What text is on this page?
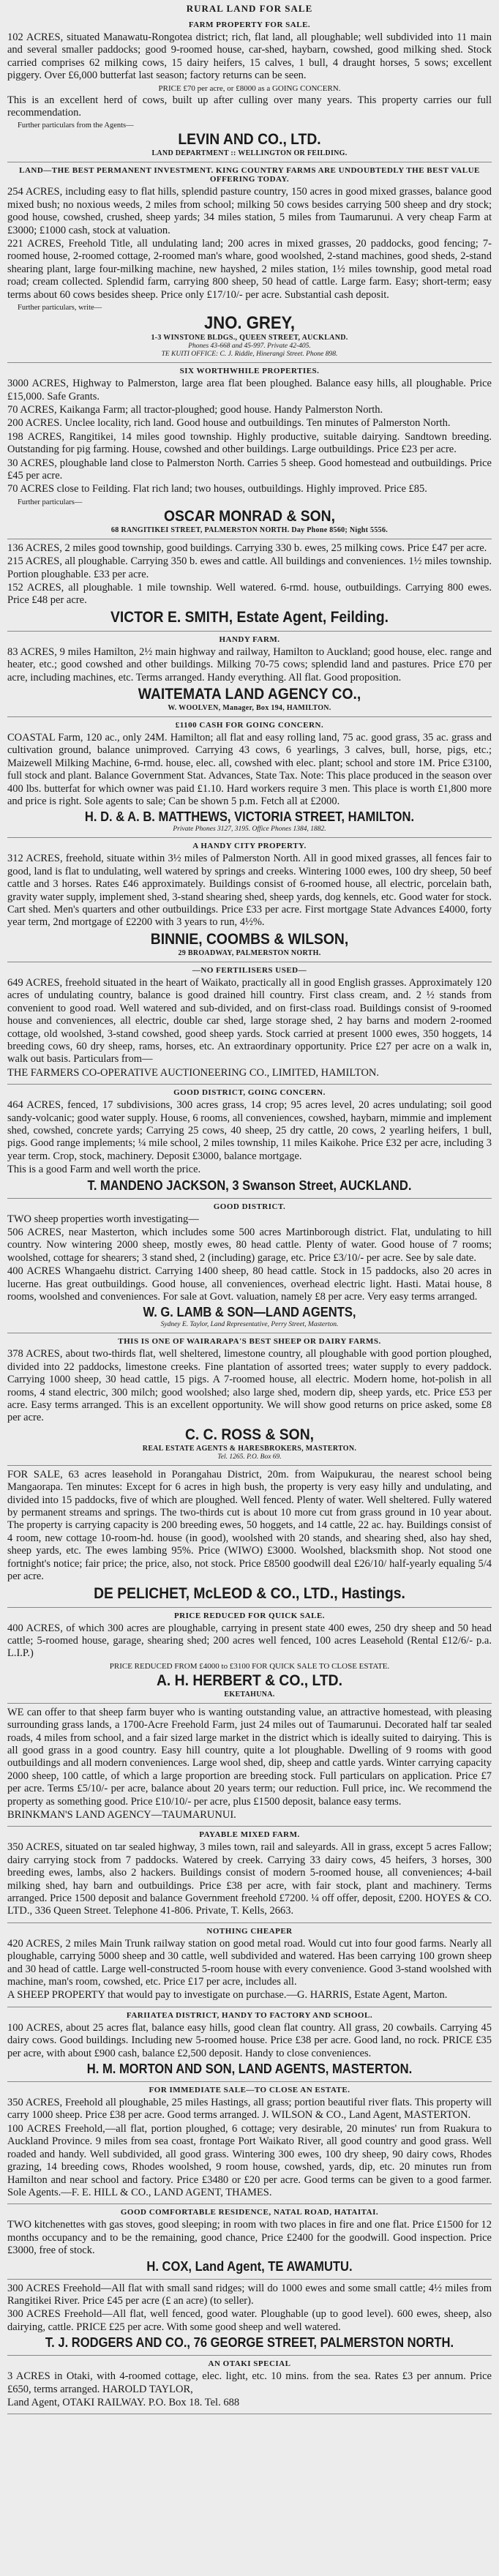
RURAL LAND FOR SALE
FARM PROPERTY FOR SALE.
102 ACRES, situated Manawatu-Rongotea district; rich, flat land, all ploughable; well subdivided into 11 main and several smaller paddocks; good 9-roomed house, car-shed, haybarn, cowshed, good milking shed. Stock carried comprises 62 milking cows, 15 dairy heifers, 15 calves, 1 bull, 4 draught horses, 5 sows; excellent piggery. Over £6,000 butterfat last season; factory returns can be seen.
PRICE £70 per acre, or £8000 as a GOING CONCERN.
This is an excellent herd of cows, built up after culling over many years. This property carries our full recommendation.
Further particulars from the Agents—
LEVIN AND CO., LTD.
LAND DEPARTMENT :: WELLINGTON OR FEILDING.
LAND—THE BEST PERMANENT INVESTMENT. KING COUNTRY FARMS ARE UNDOUBTEDLY THE BEST VALUE OFFERING TODAY.
254 ACRES, including easy to flat hills, splendid pasture country, 150 acres in good mixed grasses, balance good mixed bush; no noxious weeds, 2 miles from school; milking 50 cows besides carrying 500 sheep and dry stock; good house, cowshed, crushed, sheep yards; 34 miles station, 5 miles from Taumarunui. A very cheap Farm at £3000; £1000 cash, stock at valuation.
221 ACRES, Freehold Title, all undulating land; 200 acres in mixed grasses, 20 paddocks, good fencing; 7-roomed house, 2-roomed cottage, 2-roomed man's whare, good woolshed, 2-stand machines, good sheds, 2-stand shearing plant, large four-milking machine, new hayshed, 2 miles station, 1½ miles township, good metal road road; cream collected. Splendid farm, carrying 800 sheep, 50 head of cattle. Large farm. Easy; short-term; easy terms about 60 cows besides sheep. Price only £17/10/- per acre. Substantial cash deposit.
Further particulars, write—
JNO. GREY,
1-3 WINSTONE BLDGS., QUEEN STREET, AUCKLAND.
Phones 43-668 and 45-997. Private 42-405.
TE KUITI OFFICE: C. J. Riddle, Hinerangi Street. Phone 898.
SIX WORTHWHILE PROPERTIES.
3000 ACRES, Highway to Palmerston, large area flat been ploughed. Balance easy hills, all ploughable. Price £15,000. Safe Grants.
70 ACRES, Kaikanga Farm; all tractor-ploughed; good house. Handy Palmerston North.
200 ACRES. Unclee locality, rich land. Good house and outbuildings. Ten minutes of Palmerston North.
198 ACRES, Rangitikei, 14 miles good township. Highly productive, suitable dairying. Sandtown breeding. Outstanding for pig farming. House, cowshed and other buildings. Large outbuildings. Price £23 per acre.
30 ACRES, ploughable land close to Palmerston North. Carries 5 sheep. Good homestead and outbuildings. Price £45 per acre.
70 ACRES close to Feilding. Flat rich land; two houses, outbuildings. Highly improved. Price £85.
Further particulars—
OSCAR MONRAD & SON,
68 RANGITIKEI STREET, PALMERSTON NORTH. Day Phone 8560; Night 5556.
136 ACRES, 2 miles good township, good buildings. Carrying 330 b. ewes, 25 milking cows. Price £47 per acre.
215 ACRES, all ploughable. Carrying 350 b. ewes and cattle. All buildings and conveniences. 1½ miles township. Portion ploughable. £33 per acre.
152 ACRES, all ploughable. 1 mile township. Well watered. 6-rmd. house, outbuildings. Carrying 800 ewes. Price £48 per acre.
VICTOR E. SMITH, Estate Agent, Feilding.
HANDY FARM.
83 ACRES, 9 miles Hamilton, 2½ main highway and railway, Hamilton to Auckland; good house, elec. range and heater, etc.; good cowshed and other buildings. Milking 70-75 cows; splendid land and pastures. Price £70 per acre, including machines, etc. Terms arranged. Handy everything. All flat. Good proposition.
WAITEMATA LAND AGENCY CO.,
W. WOOLVEN, Manager, Box 194, HAMILTON.
£1100 CASH FOR GOING CONCERN.
COASTAL Farm, 120 ac., only 24M. Hamilton; all flat and easy rolling land, 75 ac. good grass, 35 ac. grass and cultivation ground, balance unimproved. Carrying 43 cows, 6 yearlings, 3 calves, bull, horse, pigs, etc.; Maizewell Milking Machine, 6-rmd. house, elec. all, cowshed with elec. plant; school and store 1M. Price £3100, full stock and plant. Balance Government Stat. Advances, State Tax. Note: This place produced in the season over 400 lbs. butterfat for which owner was paid £1.10. Hard workers require 3 men. This place is worth £1,800 more and price is right. Sole agents to sale; Can be shown 5 p.m. Fetch all at £2000.
H. D. & A. B. MATTHEWS, VICTORIA STREET, HAMILTON.
Private Phones 3127, 3195. Office Phones 1384, 1882.
A HANDY CITY PROPERTY.
312 ACRES, freehold, situate within 3½ miles of Palmerston North. All in good mixed grasses, all fences fair to good, land is flat to undulating, well watered by springs and creeks. Wintering 1000 ewes, 100 dry sheep, 50 beef cattle and 3 horses. Rates £46 approximately. Buildings consist of 6-roomed house, all electric, porcelain bath, gravity water supply, implement shed, 3-stand shearing shed, sheep yards, dog kennels, etc. Good water for stock. Cart shed. Men's quarters and other outbuildings. Price £33 per acre. First mortgage State Advances £4000, forty year term, 2nd mortgage of £2200 with 3 years to run, 4½%.
BINNIE, COOMBS & WILSON,
29 BROADWAY, PALMERSTON NORTH.
—NO FERTILISERS USED—
649 ACRES, freehold situated in the heart of Waikato, practically all in good English grasses. Approximately 120 acres of undulating country, balance is good drained hill country. First class cream, and. 2 ½ stands from convenient to good road. Well watered and sub-divided, and on first-class road. Buildings consist of 9-roomed house and conveniences, all electric, double car shed, large storage shed, 2 hay barns and modern 2-roomed cottage, old woolshed, 3-stand cowshed, good sheep yards. Stock carried at present 1000 ewes, 350 hoggets, 14 breeding cows, 60 dry sheep, rams, horses, etc. An extraordinary opportunity. Price £27 per acre on a walk in, walk out basis. Particulars from—
THE FARMERS CO-OPERATIVE AUCTIONEERING CO., LIMITED, HAMILTON.
GOOD DISTRICT, GOING CONCERN.
464 ACRES, fenced, 17 subdivisions, 300 acres grass, 14 crop; 95 acres level, 20 acres undulating; soil good sandy-volcanic; good water supply. House, 6 rooms, all conveniences, cowshed, haybarn, mimmie and implement shed, cowshed, concrete yards; Carrying 25 cows, 40 sheep, 25 dry cattle, 20 cows, 2 yearling heifers, 1 bull, pigs. Good range implements; ¼ mile school, 2 miles township, 11 miles Kaikohe. Price £32 per acre, including 3 year term. Crop, stock, machinery. Deposit £3000, balance mortgage.
This is a good Farm and well worth the price.
T. MANDENO JACKSON, 3 Swanson Street, AUCKLAND.
GOOD DISTRICT.
TWO sheep properties worth investigating—
506 ACRES, near Masterton, which includes some 500 acres Martinborough district. Flat, undulating to hill country. Now wintering 2000 sheep, mostly ewes, 80 head cattle. Plenty of water. Good house of 7 rooms; woolshed, cottage for shearers; 3 stand shed, 2 (including) garage, etc. Price £3/10/- per acre. See by sale date.
400 ACRES Whangaehu district. Carrying 1400 sheep, 80 head cattle. Stock in 15 paddocks, also 20 acres in lucerne. Has great outbuildings. Good house, all conveniences, overhead electric light. Hasti. Matai house, 8 rooms, woolshed and conveniences. For sale at Govt. valuation, namely £8 per acre. Very easy terms arranged.
W. G. LAMB & SON—LAND AGENTS,
Sydney E. Taylor, Land Representative, Perry Street, Masterton.
THIS IS ONE OF WAIRARAPA'S BEST SHEEP OR DAIRY FARMS.
378 ACRES, about two-thirds flat, well sheltered, limestone country, all ploughable with good portion ploughed, divided into 22 paddocks, limestone creeks. Fine plantation of assorted trees; water supply to every paddock. Carrying 1000 sheep, 30 head cattle, 15 pigs. A 7-roomed house, all electric. Modern home, hot-polish in all rooms, 4 stand electric, 300 milch; good woolshed; also large shed, modern dip, sheep yards, etc. Price £53 per acre. Easy terms arranged. This is an excellent opportunity. We will show good returns on price asked, some £8 per acre.
C. C. ROSS & SON,
REAL ESTATE AGENTS & HARESBROKERS, MASTERTON.
Tel. 1265. P.O. Box 69.
FOR SALE, 63 acres leasehold in Porangahau District, 20m. from Waipukurau, the nearest school being Mangaorapa. Ten minutes: Except for 6 acres in high bush, the property is very easy hilly and undulating, and divided into 15 paddocks, five of which are ploughed. Well fenced. Plenty of water. Well sheltered. Fully watered by permanent streams and springs. The two-thirds cut is about 10 more cut from grass ground in 10 year about. The property is carrying capacity is 200 breeding ewes, 50 hoggets, and 14 cattle, 22 ac. hay. Buildings consist of 4 room, new cottage 10-room-hd. house (in good), woolshed with 20 stands, and shearing shed, also hay shed, sheep yards, etc. The ewes lambing 95%. Price (WIWO) £3000. Woolshed, blacksmith shop. Not stood one fortnight's notice; fair price; the price, also, not stock. Price £8500 goodwill deal £26/10/ half-yearly equaling 5/4 per acre.
DE PELICHET, McLEOD & CO., LTD., Hastings.
PRICE REDUCED FOR QUICK SALE.
400 ACRES, of which 300 acres are ploughable, carrying in present state 400 ewes, 250 dry sheep and 50 head cattle; 5-roomed house, garage, shearing shed; 200 acres well fenced, 100 acres Leasehold (Rental £12/6/- p.a. L.I.P.)
PRICE REDUCED FROM £4000 to £3100 FOR QUICK SALE TO CLOSE ESTATE.
A. H. HERBERT & CO., LTD.
EKETAHUNA.
WE can offer to that sheep farm buyer who is wanting outstanding value, an attractive homestead, with pleasing surrounding grass lands, a 1700-Acre Freehold Farm, just 24 miles out of Taumarunui. Decorated half tar sealed roads, 4 miles from school, and a fair sized large market in the district which is ideally suited to dairying. This is all good grass in a good country. Easy hill country, quite a lot ploughable. Dwelling of 9 rooms with good outbuildings and all modern conveniences. Large wool shed, dip, sheep and cattle yards. Winter carrying capacity 2000 sheep, 100 cattle, of which a large proportion are breeding stock. Full particulars on application. Price £7 per acre. Terms £5/10/- per acre, balance about 20 years term; our reduction. Full price, inc. We recommend the property as something good. Price £10/10/- per acre, plus £1500 deposit, balance easy terms.
BRINKMAN'S LAND AGENCY—TAUMARUNUI.
PAYABLE MIXED FARM.
350 ACRES, situated on tar sealed highway, 3 miles town, rail and saleyards. All in grass, except 5 acres Fallow; dairy carrying stock from 7 paddocks. Watered by creek. Carrying 33 dairy cows, 45 heifers, 3 horses, 300 breeding ewes, lambs, also 2 hackers. Buildings consist of modern 5-roomed house, all conveniences; 4-bail milking shed, hay barn and outbuildings. Price £38 per acre, with fair stock, plant and machinery. Terms arranged. Price 1500 deposit and balance Government freehold £7200. ¼ off offer, deposit, £200. HOYES & CO. LTD., 336 Queen Street. Telephone 41-806. Private, T. Kells, 2663.
NOTHING CHEAPER
420 ACRES, 2 miles Main Trunk railway station on good metal road. Would cut into four good farms. Nearly all ploughable, carrying 5000 sheep and 30 cattle, well subdivided and watered. Has been carrying 100 grown sheep and 30 head of cattle. Large well-constructed 5-room house with every convenience. Good 3-stand woolshed with machine, man's room, cowshed, etc. Price £17 per acre, includes all.
A SHEEP PROPERTY that would pay to investigate on purchase.—G. HARRIS, Estate Agent, Marton.
FARIIATEA DISTRICT, HANDY TO FACTORY AND SCHOOL.
100 ACRES, about 25 acres flat, balance easy hills, good clean flat country. All grass, 20 cowbails. Carrying 45 dairy cows. Good buildings. Including new 5-roomed house. Price £38 per acre. Good land, no rock. PRICE £35 per acre, with about £900 cash, balance £2,500 deposit. Handy to close conveniences.
H. M. MORTON AND SON, LAND AGENTS, MASTERTON.
FOR IMMEDIATE SALE—TO CLOSE AN ESTATE.
350 ACRES, Freehold all ploughable, 25 miles Hastings, all grass; portion beautiful river flats. This property will carry 1000 sheep. Price £38 per acre. Good terms arranged. J. WILSON & CO., Land Agent, MASTERTON.
100 ACRES Freehold,—all flat, portion ploughed, 6 cottage; very desirable, 20 minutes' run from Ruakura to Auckland Province. 9 miles from sea coast, frontage Port Waikato River, all good country and good grass. Well roaded and handy. Well subdivided, all good grass. Wintering 300 ewes, 100 dry sheep, 90 dairy cows, Rhodes grazing, 14 breeding cows, Rhodes woolshed, 9 room house, cowshed, yards, dip, etc. 20 minutes run from Hamilton and near school and factory. Price £3480 or £20 per acre. Good terms can be given to a good farmer. Sole Agents.—F. E. HILL & CO., LAND AGENT, THAMES.
GOOD COMFORTABLE RESIDENCE, NATAL ROAD, HATAITAI.
TWO kitchenettes with gas stoves, good sleeping; in room with two places in fire and one flat. Price £1500 for 12 months occupancy and to be the remaining, good chance, Price £2400 for the goodwill. Good inspection. Price £3000, free of stock.
H. COX, Land Agent, TE AWAMUTU.
300 ACRES Freehold—All flat with small sand ridges; will do 1000 ewes and some small cattle; 4½ miles from Rangitikei River. Price £45 per acre (£ an acre) (to seller).
300 ACRES Freehold—All flat, well fenced, good water. Ploughable (up to good level). 600 ewes, sheep, also dairying, cattle. PRICE £25 per acre. With some good sheep and well watered.
T. J. RODGERS AND CO., 76 GEORGE STREET, PALMERSTON NORTH.
AN OTAKI SPECIAL
3 ACRES in Otaki, with 4-roomed cottage, elec. light, etc. 10 mins. from the sea. Rates £3 per annum. Price £650, terms arranged. HAROLD TAYLOR,
Land Agent, OTAKI RAILWAY. P.O. Box 18. Tel. 688
